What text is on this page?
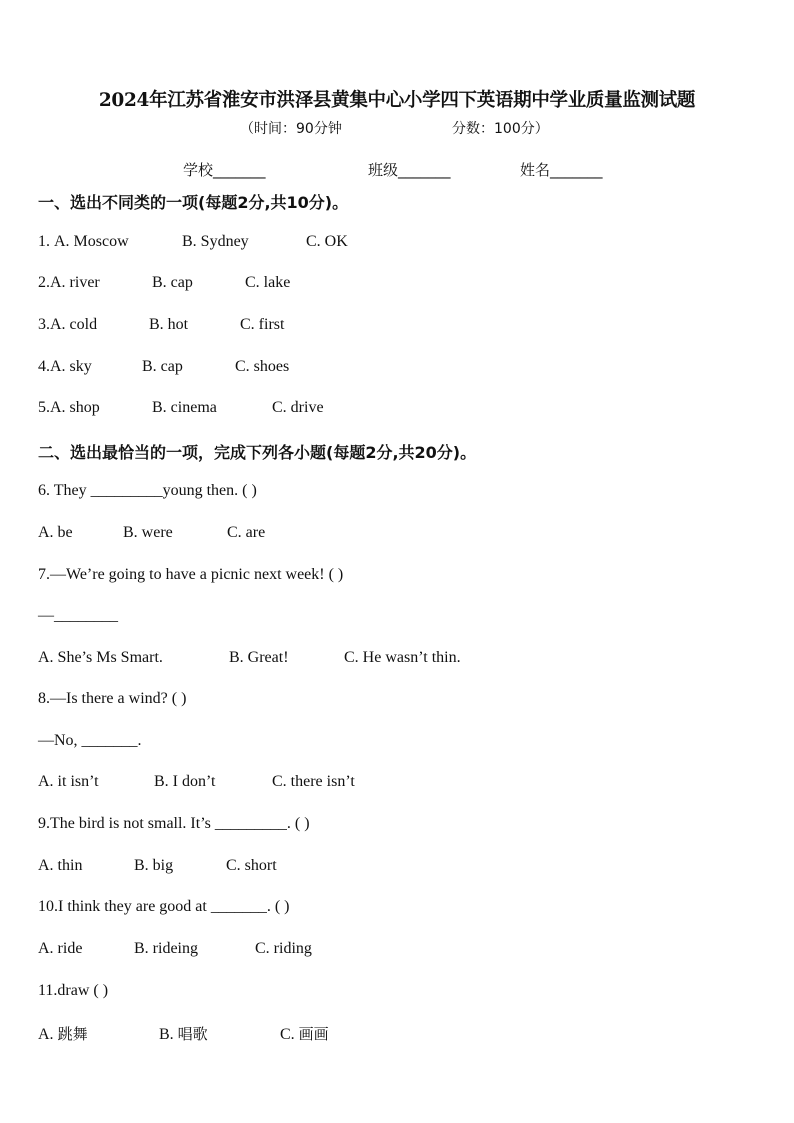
2024年江苏省淮安市洪泽县黄集中心小学四下英语期中学业质量监测试题
（时间：90分钟	分数：100分）
学校_______	班级_______	姓名_______
一、选出不同类的一项(每题2分,共10分)。
1. A. Moscow	B. Sydney	C. OK
2.A. river	B. cap	C. lake
3.A. cold	B. hot	C. first
4.A. sky	B. cap	C. shoes
5.A. shop	B. cinema	C. drive
二、选出最恰当的一项，完成下列各小题(每题2分,共20分)。
6. They _________young then. ( )
A. be	B. were	C. are
7.—We’re going to have a picnic next week! ( )
—________
A. She’s Ms Smart.	B. Great!	C. He wasn’t thin.
8.—Is there a wind? ( )
—No, _______.
A. it isn’t	B. I don’t	C. there isn’t
9.The bird is not small. It’s _________. ( )
A. thin	B. big	C. short
10.I think they are good at _______. ( )
A. ride	B. rideing	C. riding
11.draw ( )
A. 跳舞	B. 唱歌	C. 画画
